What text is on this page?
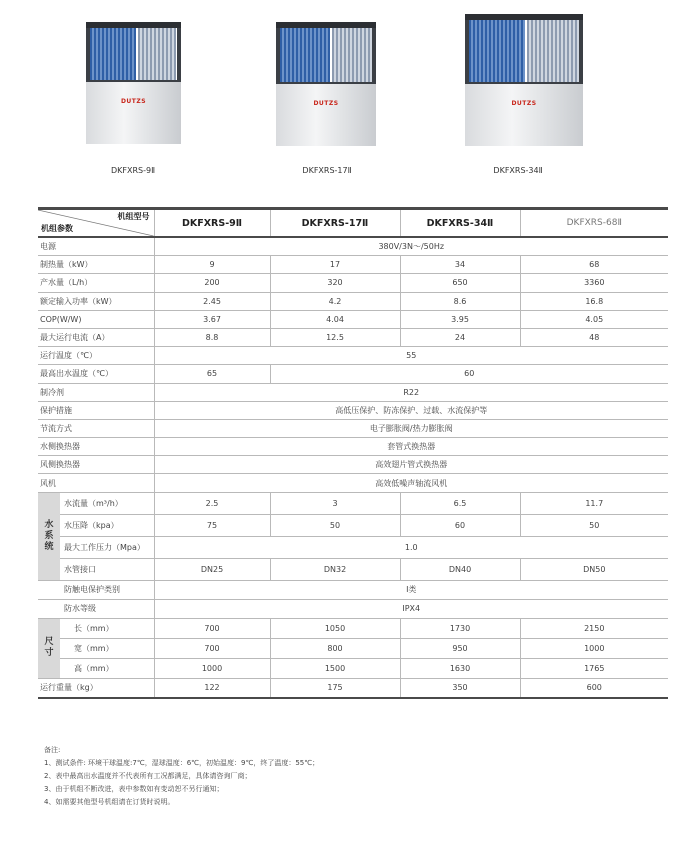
DUTZS
DKFXRS-9Ⅱ
DUTZS
DKFXRS-17Ⅱ
DUTZS
DKFXRS-34Ⅱ
机组型号
机组参数		DKFXRS-9Ⅱ	DKFXRS-17Ⅱ	DKFXRS-34Ⅱ	DKFXRS-68Ⅱ
电源		380V/3N～/50Hz			
制热量（kW）		9	17	34	68
产水量（L/h）		200	320	650	3360
额定输入功率（kW）		2.45	4.2	8.6	16.8
COP(W/W)		3.67	4.04	3.95	4.05
最大运行电流（A）		8.8	12.5	24	48
运行温度（℃）		55			
最高出水温度（℃）		65	60		
制冷剂		R22			
保护措施		高低压保护、防冻保护、过载、水流保护等			
节流方式		电子膨胀阀/热力膨胀阀			
水侧换热器		套管式换热器			
风侧换热器		高效翅片管式换热器			
风机		高效低噪声轴流风机			
水系统	水流量（m³/h）	2.5	3	6.5	11.7
	水压降（kpa）	75	50	60	50
	最大工作压力（Mpa）	1.0			
	水管接口	DN25	DN32	DN40	DN50
	防触电保护类别	Ⅰ类			
	防水等级	IPX4			
尺寸	长（mm）	700	1050	1730	2150
	宽（mm）	700	800	950	1000
	高（mm）	1000	1500	1630	1765
运行重量（kg）		122	175	350	600
备注:
1、测试条件: 环境干球温度:7℃，湿球温度：6℃，初始温度：9℃，终了温度：55℃；
2、表中最高出水温度并不代表所有工况都满足，具体请咨询厂商；
3、由于机组不断改进，表中参数如有变动恕不另行通知；
4、如需要其他型号机组请在订货时说明。
